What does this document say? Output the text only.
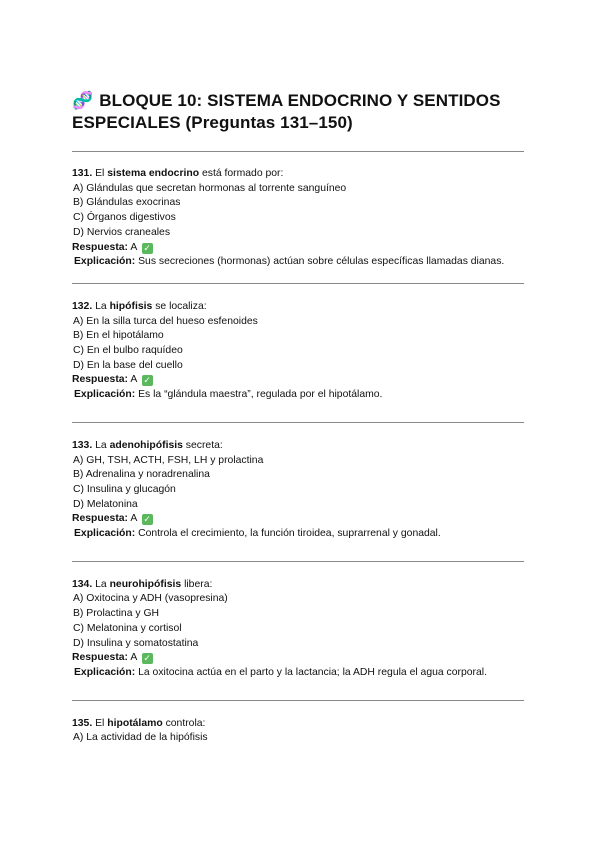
🧬 BLOQUE 10: SISTEMA ENDOCRINO Y SENTIDOS ESPECIALES (Preguntas 131–150)
131. El sistema endocrino está formado por:
A) Glándulas que secretan hormonas al torrente sanguíneo
B) Glándulas exocrinas
C) Órganos digestivos
D) Nervios craneales
Respuesta: A ✓
Explicación: Sus secreciones (hormonas) actúan sobre células específicas llamadas dianas.
132. La hipófisis se localiza:
A) En la silla turca del hueso esfenoides
B) En el hipotálamo
C) En el bulbo raquídeo
D) En la base del cuello
Respuesta: A ✓
Explicación: Es la “glándula maestra”, regulada por el hipotálamo.
133. La adenohipófisis secreta:
A) GH, TSH, ACTH, FSH, LH y prolactina
B) Adrenalina y noradrenalina
C) Insulina y glucagón
D) Melatonina
Respuesta: A ✓
Explicación: Controla el crecimiento, la función tiroidea, suprarrenal y gonadal.
134. La neurohipófisis libera:
A) Oxitocina y ADH (vasopresina)
B) Prolactina y GH
C) Melatonina y cortisol
D) Insulina y somatostatina
Respuesta: A ✓
Explicación: La oxitocina actúa en el parto y la lactancia; la ADH regula el agua corporal.
135. El hipotálamo controla:
A) La actividad de la hipófisis
